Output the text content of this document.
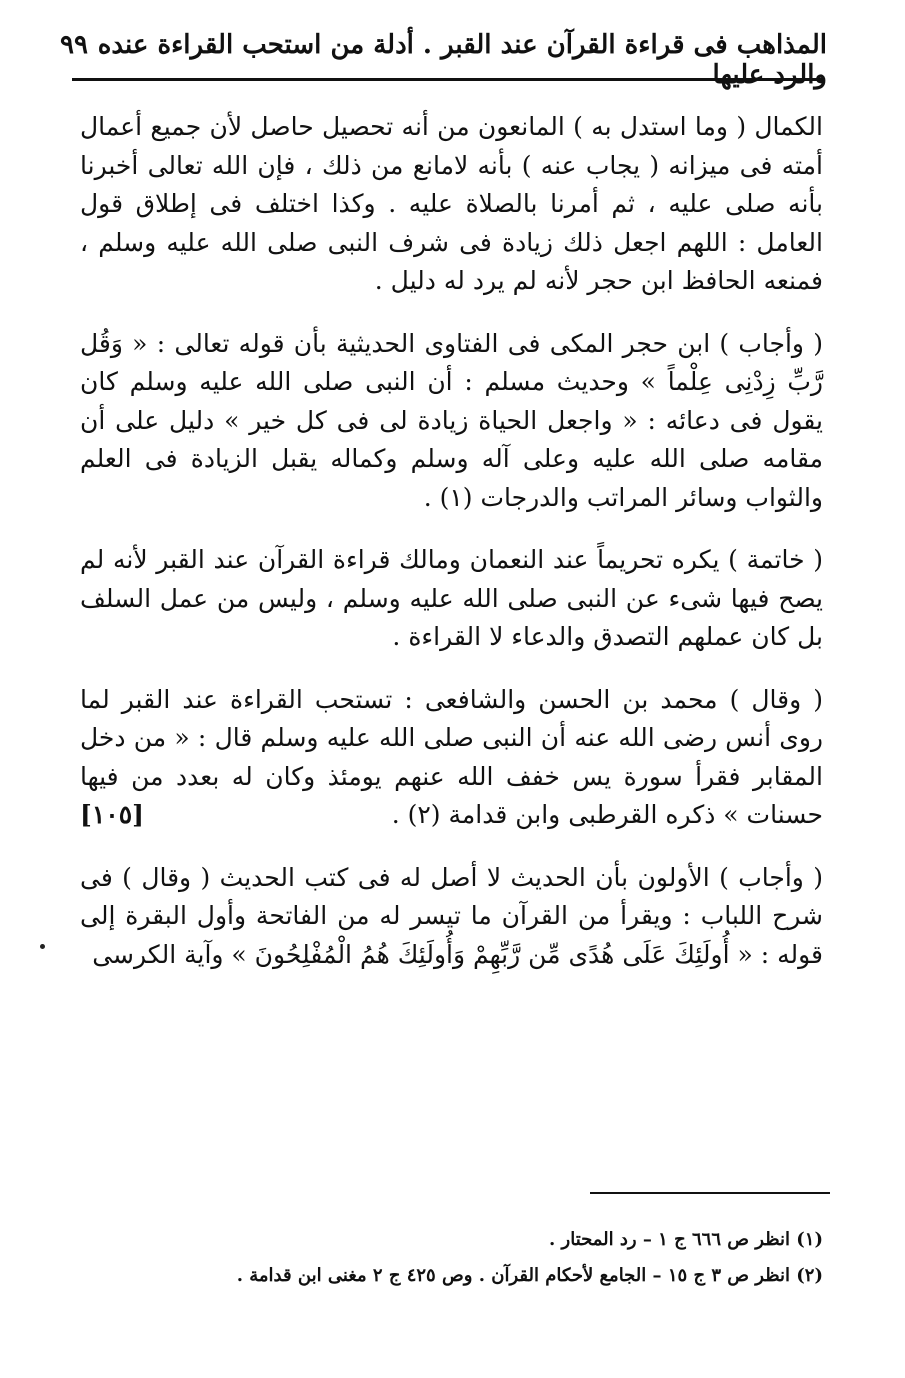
المذاهب فى قراءة القرآن عند القبر . أدلة من استحب القراءة عنده والرد عليها
٩٩

الكمال ( وما استدل به ) المانعون من أنه تحصيل حاصل لأن جميع أعمال أمته فى ميزانه ( يجاب عنه ) بأنه لامانع من ذلك ، فإن الله تعالى أخبرنا بأنه صلى عليه ، ثم أمرنا بالصلاة عليه . وكذا اختلف فى إطلاق قول العامل : اللهم اجعل ذلك زيادة فى شرف النبى صلى الله عليه وسلم ، فمنعه الحافظ ابن حجر لأنه لم يرد له دليل .

( وأجاب ) ابن حجر المكى فى الفتاوى الحديثية بأن قوله تعالى : « وَقُل رَّبِّ زِدْنِى عِلْماً » وحديث مسلم : أن النبى صلى الله عليه وسلم كان يقول فى دعائه : « واجعل الحياة زيادة لى فى كل خير » دليل على أن مقامه صلى الله عليه وعلى آله وسلم وكماله يقبل الزيادة فى العلم والثواب وسائر المراتب والدرجات (١) .

( خاتمة ) يكره تحريماً عند النعمان ومالك قراءة القرآن عند القبر لأنه لم يصح فيها شىء عن النبى صلى الله عليه وسلم ، وليس من عمل السلف بل كان عملهم التصدق والدعاء لا القراءة .

( وقال ) محمد بن الحسن والشافعى : تستحب القراءة عند القبر لما روى أنس رضى الله عنه أن النبى صلى الله عليه وسلم قال : « من دخل المقابر فقرأ سورة يس خفف الله عنهم يومئذ وكان له بعدد من فيها حسنات » ذكره القرطبى وابن قدامة (٢) .
[١٠٥]

( وأجاب ) الأولون بأن الحديث لا أصل له فى كتب الحديث ( وقال ) فى شرح اللباب : ويقرأ من القرآن ما تيسر له من الفاتحة وأول البقرة إلى قوله : « أُولَئِكَ عَلَى هُدًى مِّن رَّبِّهِمْ وَأُولَئِكَ هُمُ الْمُفْلِحُونَ » وآية الكرسى

(١) انظر ص ٦٦٦ ج ١ – رد المحتار .

(٢) انظر ص ٣ ج ١٥ – الجامع لأحكام القرآن . وص ٤٢٥ ج ٢ مغنى ابن قدامة .
